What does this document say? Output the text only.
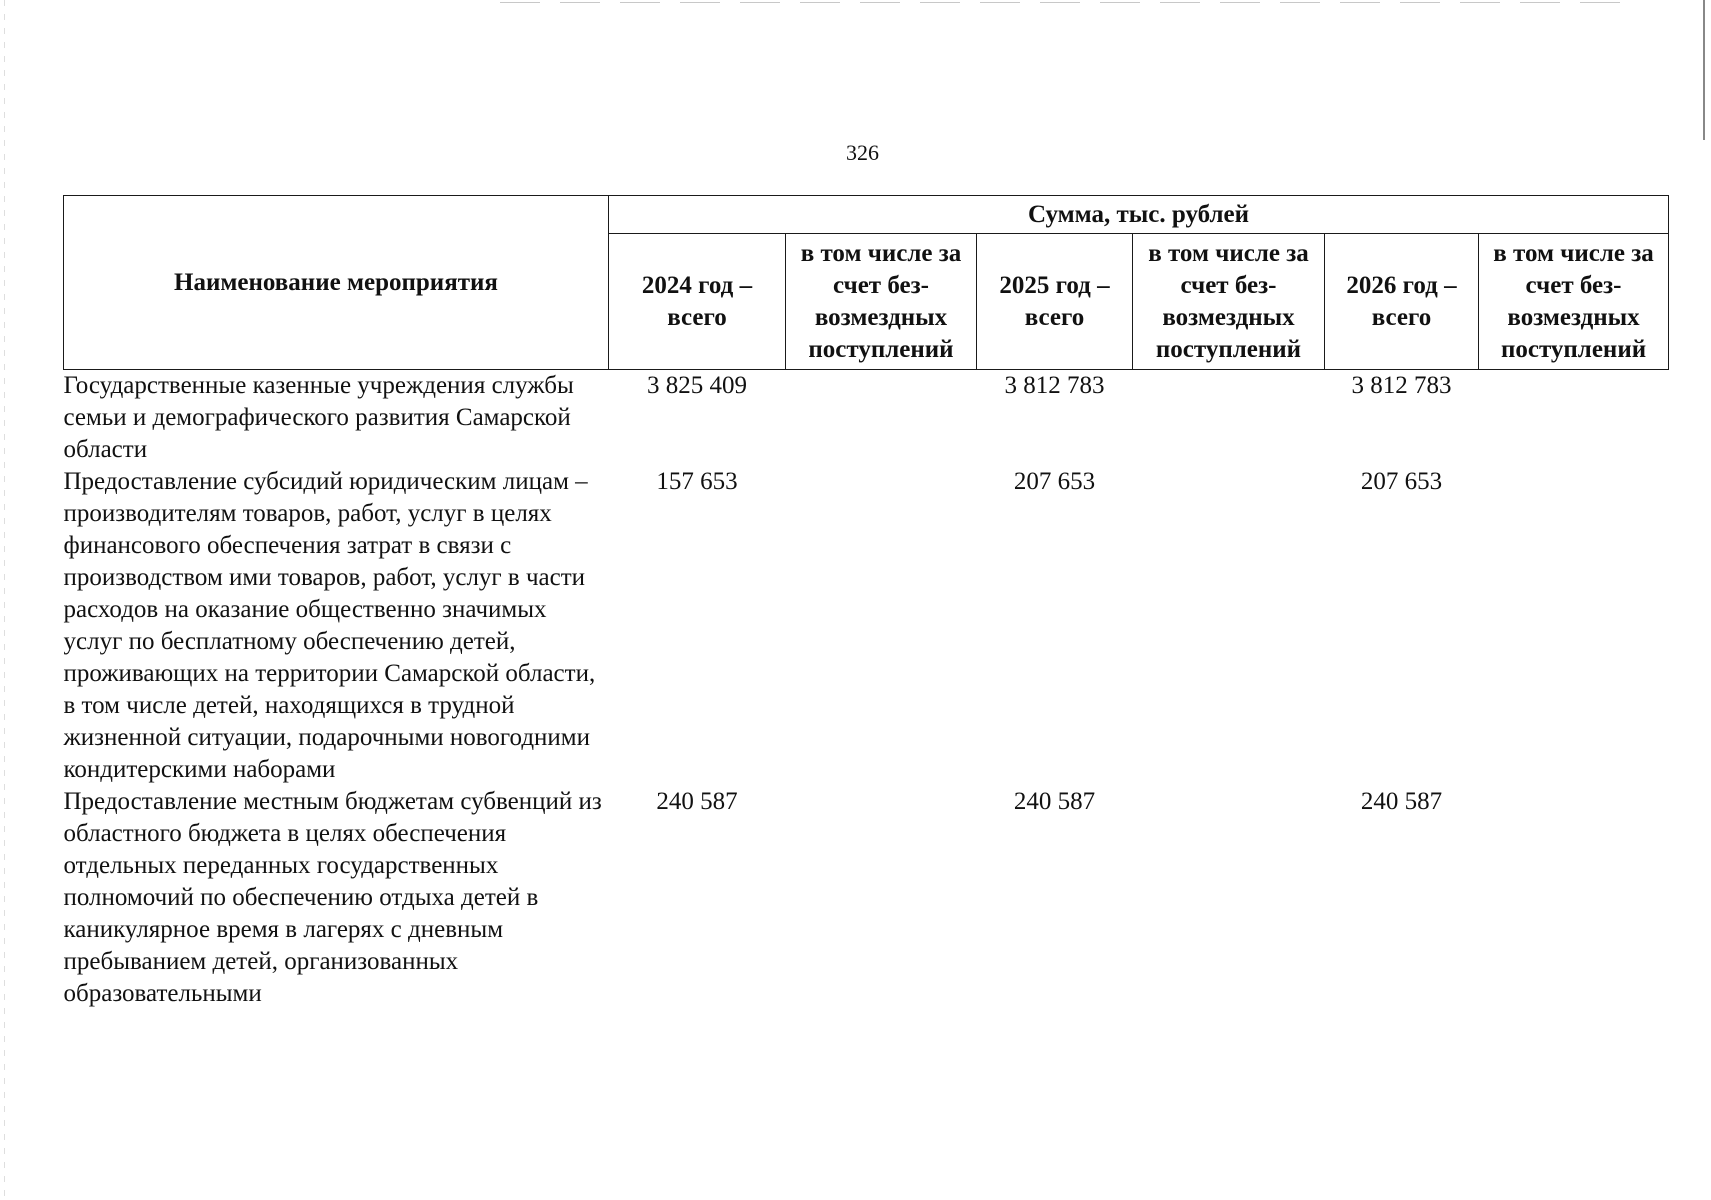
326
Наименование мероприятия	Сумма, тыс. рублей					
	2024 год – всего	в том числе за счет без-возмездных поступлений	2025 год – всего	в том числе за счет без-возмездных поступлений	2026 год – всего	в том числе за счет без-возмездных поступлений
Государственные казенные учреждения службы семьи и демографического развития Самарской области	3 825 409		3 812 783		3 812 783	
Предоставление субсидий юридическим лицам – производителям товаров, работ, услуг в целях финансового обеспечения затрат в связи с производством ими товаров, работ, услуг в части расходов на оказание общественно значимых услуг по бесплатному обеспечению детей, проживающих на территории Самарской области, в том числе детей, находящихся в трудной жизненной ситуации, подарочными новогодними кондитерскими наборами	157 653		207 653		207 653	
Предоставление местным бюджетам субвенций из областного бюджета в целях обеспечения отдельных переданных государственных полномочий по обеспечению отдыха детей в каникулярное время в лагерях с дневным пребыванием детей, организованных образовательными	240 587		240 587		240 587	
